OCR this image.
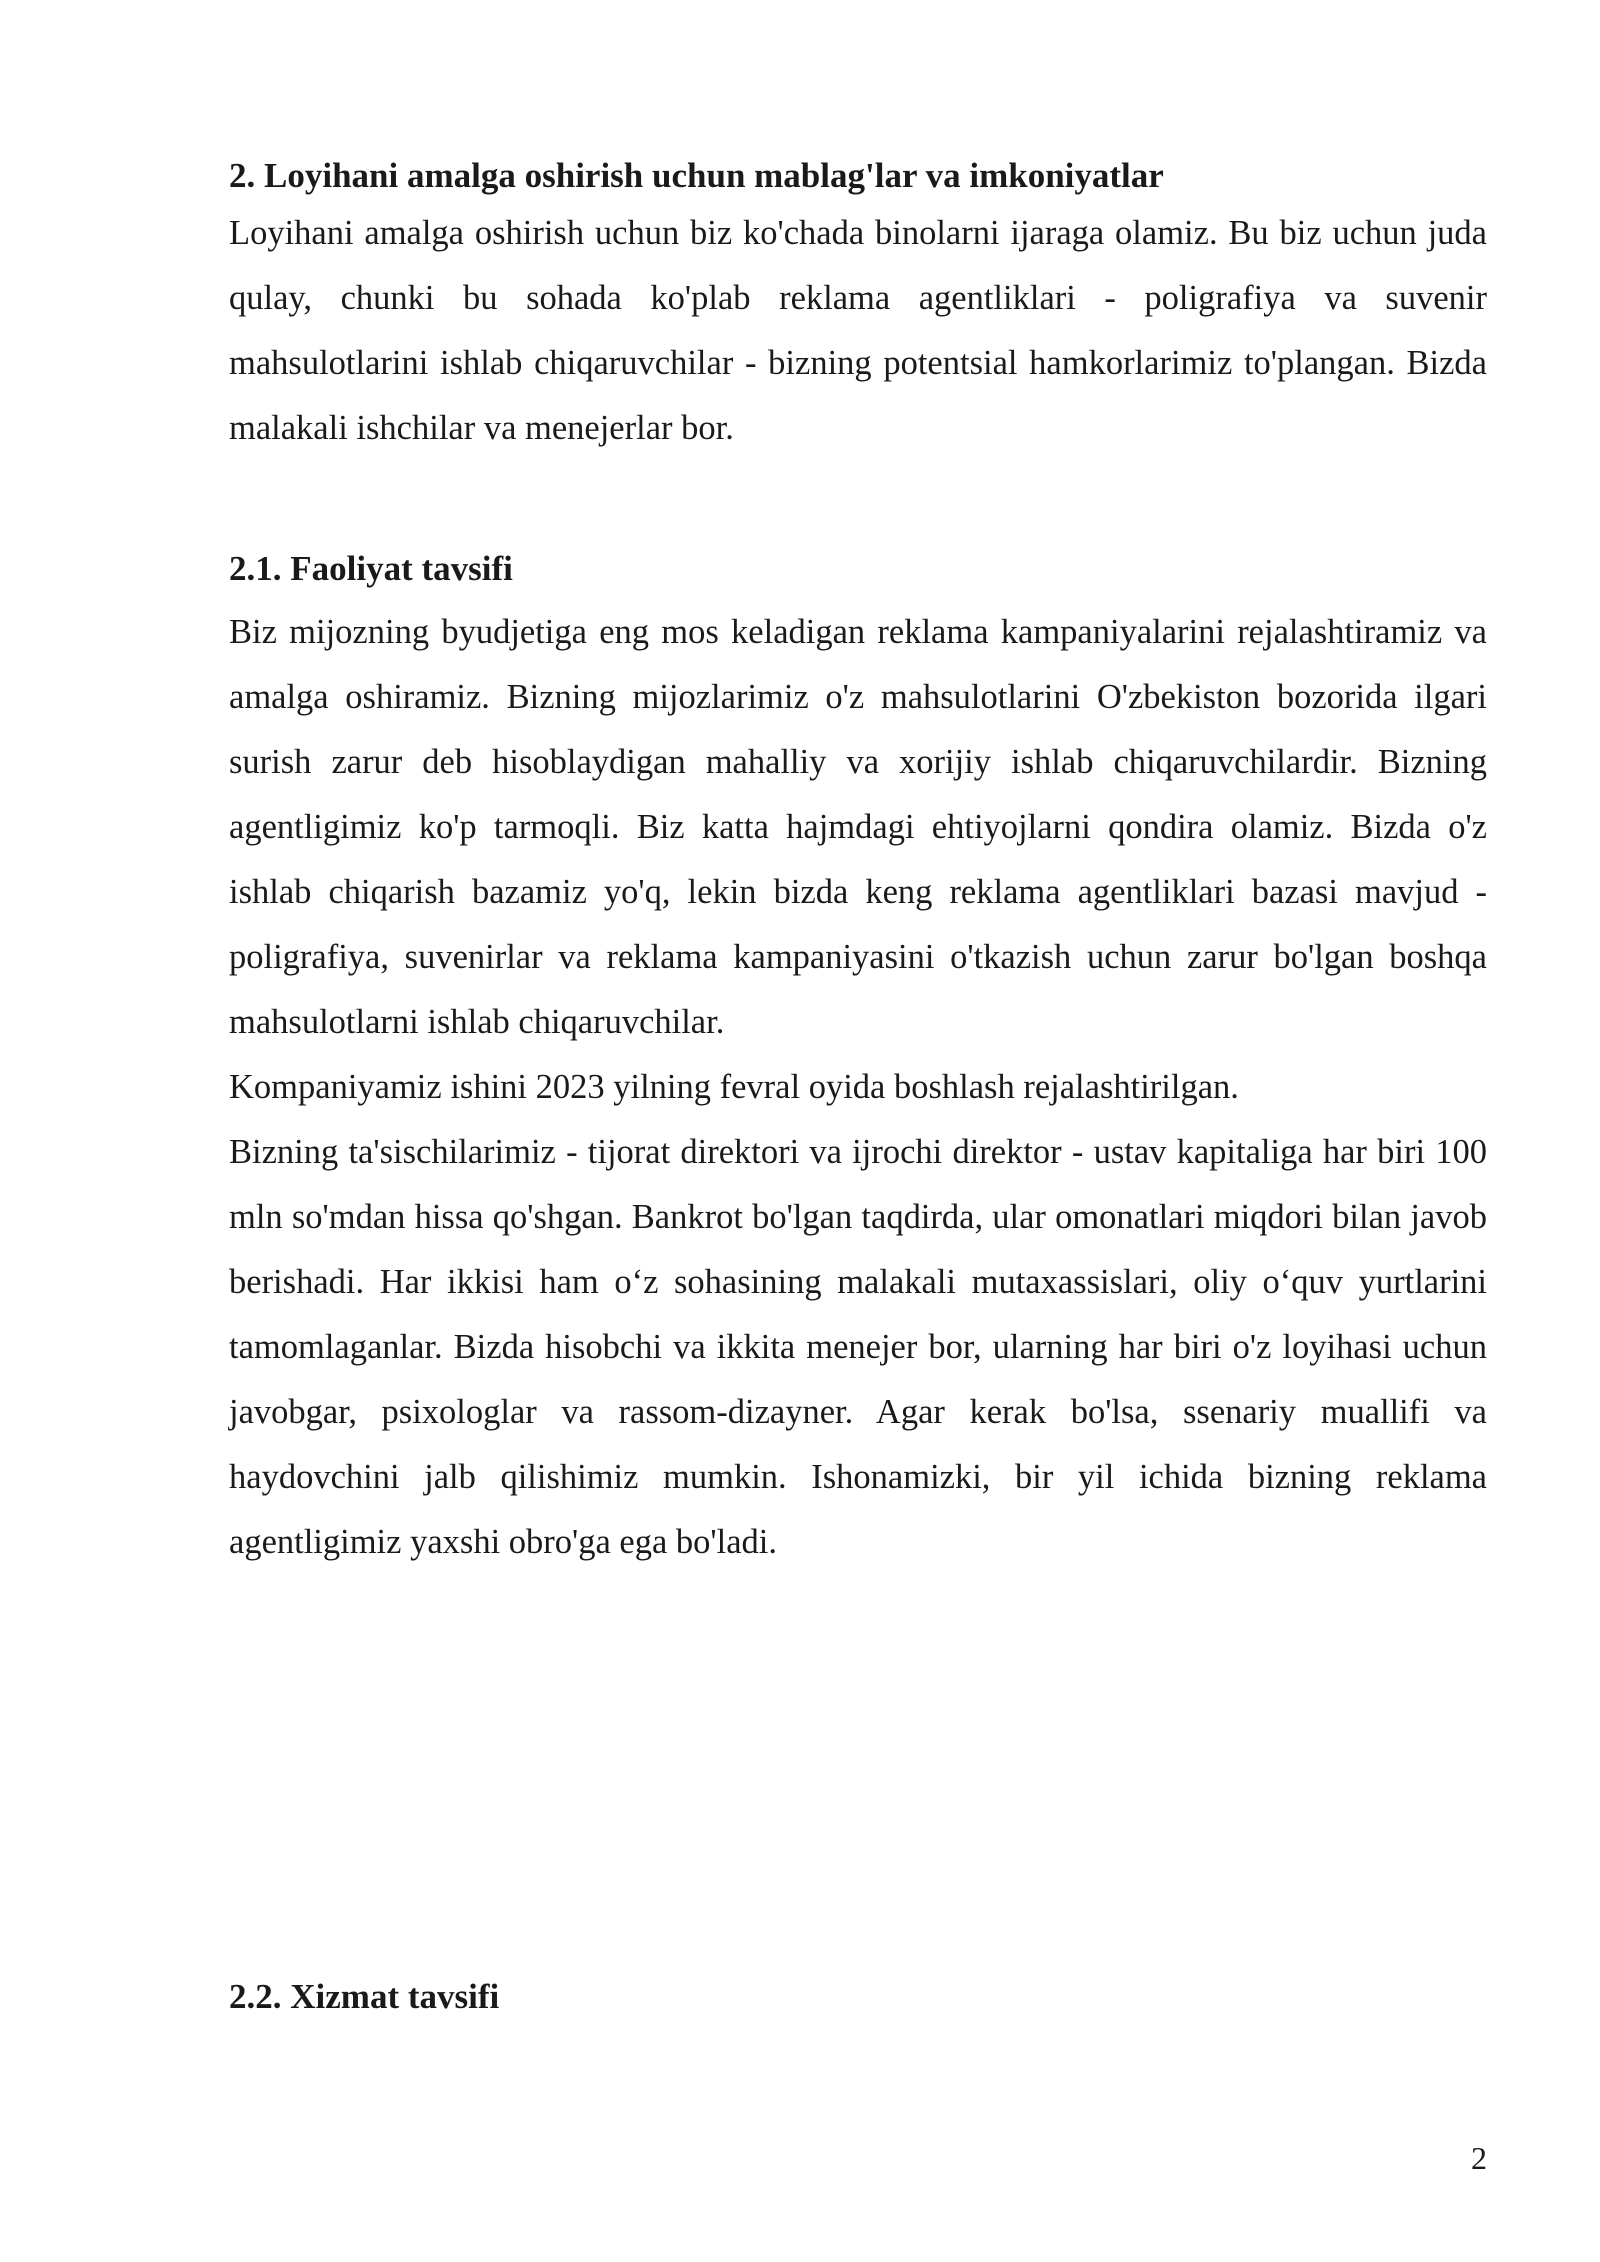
2. Loyihani amalga oshirish uchun mablag'lar va imkoniyatlar

Loyihani amalga oshirish uchun biz ko'chada binolarni ijaraga olamiz. Bu biz uchun juda qulay, chunki bu sohada ko'plab reklama agentliklari - poligrafiya va suvenir mahsulotlarini ishlab chiqaruvchilar - bizning potentsial hamkorlarimiz to'plangan. Bizda malakali ishchilar va menejerlar bor.

2.1. Faoliyat tavsifi

Biz mijozning byudjetiga eng mos keladigan reklama kampaniyalarini rejalashtiramiz va amalga oshiramiz. Bizning mijozlarimiz o'z mahsulotlarini O'zbekiston bozorida ilgari surish zarur deb hisoblaydigan mahalliy va xorijiy ishlab chiqaruvchilardir. Bizning agentligimiz ko'p tarmoqli. Biz katta hajmdagi ehtiyojlarni qondira olamiz. Bizda o'z ishlab chiqarish bazamiz yo'q, lekin bizda keng reklama agentliklari bazasi mavjud - poligrafiya, suvenirlar va reklama kampaniyasini o'tkazish uchun zarur bo'lgan boshqa mahsulotlarni ishlab chiqaruvchilar.

Kompaniyamiz ishini 2023 yilning fevral oyida boshlash rejalashtirilgan.

Bizning ta'sischilarimiz - tijorat direktori va ijrochi direktor - ustav kapitaliga har biri 100 mln so'mdan hissa qo'shgan. Bankrot bo'lgan taqdirda, ular omonatlari miqdori bilan javob berishadi. Har ikkisi ham o‘z sohasining malakali mutaxassislari, oliy o‘quv yurtlarini tamomlaganlar. Bizda hisobchi va ikkita menejer bor, ularning har biri o'z loyihasi uchun javobgar, psixologlar va rassom-dizayner. Agar kerak bo'lsa, ssenariy muallifi va haydovchini jalb qilishimiz mumkin. Ishonamizki, bir yil ichida bizning reklama agentligimiz yaxshi obro'ga ega bo'ladi.

2.2. Xizmat tavsifi
2
